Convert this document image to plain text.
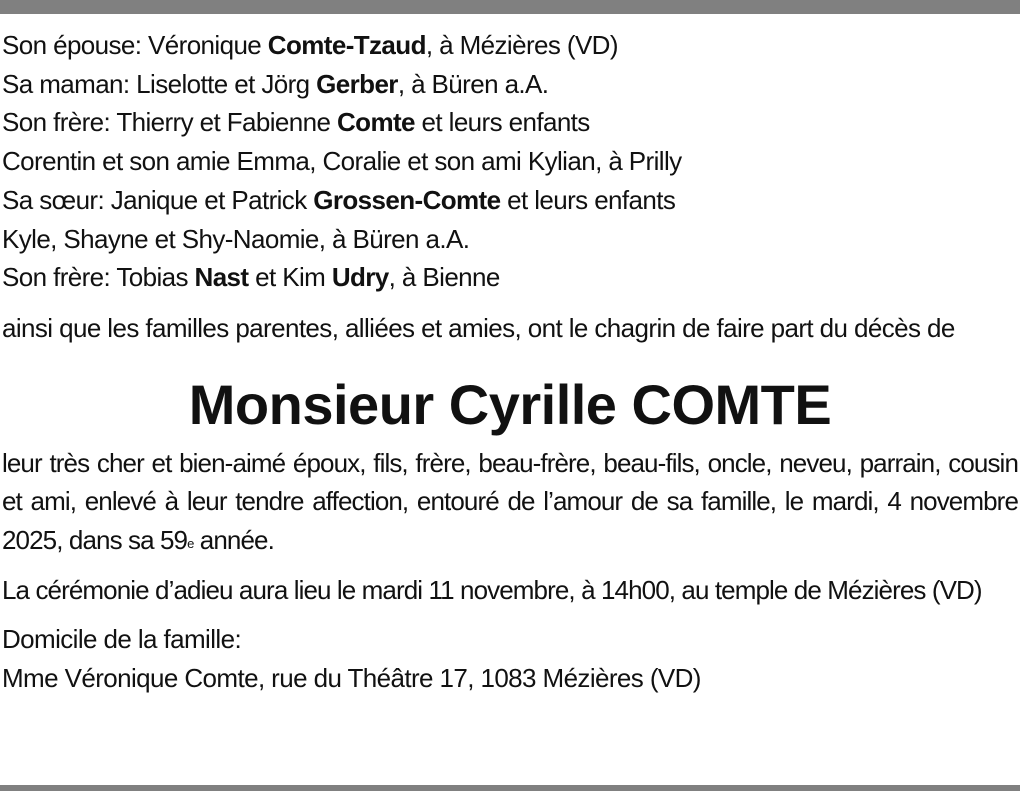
Son épouse: Véronique Comte-Tzaud, à Mézières (VD)
Sa maman: Liselotte et Jörg Gerber, à Büren a.A.
Son frère: Thierry et Fabienne Comte et leurs enfants
Corentin et son amie Emma, Coralie et son ami Kylian, à Prilly
Sa sœur: Janique et Patrick Grossen-Comte et leurs enfants
Kyle, Shayne et Shy-Naomie, à Büren a.A.
Son frère: Tobias Nast et Kim Udry, à Bienne
ainsi que les familles parentes, alliées et amies, ont le chagrin de faire part du décès de
Monsieur Cyrille COMTE
leur très cher et bien-aimé époux, fils, frère, beau-frère, beau-fils, oncle, neveu, parrain, cousin et ami, enlevé à leur tendre affection, entouré de l’amour de sa famille, le mardi, 4 novembre 2025, dans sa 59e année.
La cérémonie d’adieu aura lieu le mardi 11 novembre, à 14h00, au temple de Mézières (VD)
Domicile de la famille:
Mme Véronique Comte, rue du Théâtre 17, 1083 Mézières (VD)
